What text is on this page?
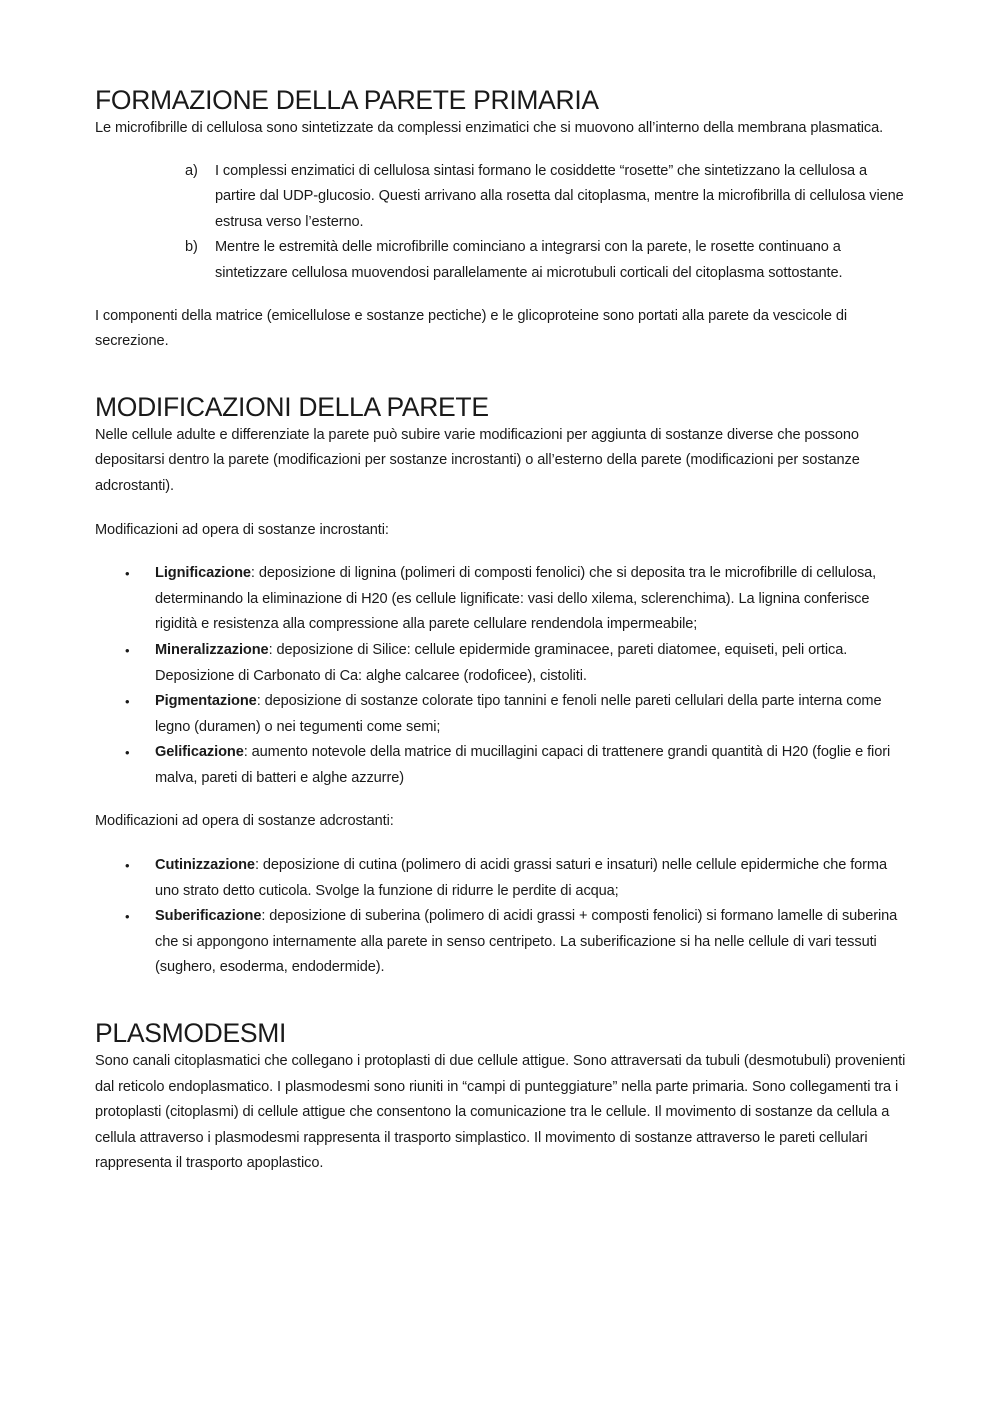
FORMAZIONE DELLA PARETE PRIMARIA

Le microfibrille di cellulosa sono sintetizzate da complessi enzimatici che si muovono all’interno della membrana plasmatica.

a) I complessi enzimatici di cellulosa sintasi formano le cosiddette “rosette” che sintetizzano la cellulosa a partire dal UDP-glucosio. Questi arrivano alla rosetta dal citoplasma, mentre la microfibrilla di cellulosa viene estrusa verso l’esterno.
b) Mentre le estremità delle microfibrille cominciano a integrarsi con la parete, le rosette continuano a sintetizzare cellulosa muovendosi parallelamente ai microtubuli corticali del citoplasma sottostante.

I componenti della matrice (emicellulose e sostanze pectiche) e le glicoproteine sono portati alla parete da vescicole di secrezione.

MODIFICAZIONI DELLA PARETE

Nelle cellule adulte e differenziate la parete può subire varie modificazioni per aggiunta di sostanze diverse che possono depositarsi dentro la parete (modificazioni per sostanze incrostanti) o all’esterno della parete (modificazioni per sostanze adcrostanti).

Modificazioni ad opera di sostanze incrostanti:

• Lignificazione: deposizione di lignina (polimeri di composti fenolici) che si deposita tra le microfibrille di cellulosa, determinando la eliminazione di H20 (es cellule lignificate: vasi dello xilema, sclerenchima). La lignina conferisce rigidità e resistenza alla compressione alla parete cellulare rendendola impermeabile;
• Mineralizzazione: deposizione di Silice: cellule epidermide graminacee, pareti diatomee, equiseti, peli ortica. Deposizione di Carbonato di Ca: alghe calcaree (rodoficee), cistoliti.
• Pigmentazione: deposizione di sostanze colorate tipo tannini e fenoli nelle pareti cellulari della parte interna come legno (duramen) o nei tegumenti come semi;
• Gelificazione: aumento notevole della matrice di mucillagini capaci di trattenere grandi quantità di H20 (foglie e fiori malva, pareti di batteri e alghe azzurre)

Modificazioni ad opera di sostanze adcrostanti:

• Cutinizzazione: deposizione di cutina (polimero di acidi grassi saturi e insaturi) nelle cellule epidermiche che forma uno strato detto cuticola. Svolge la funzione di ridurre le perdite di acqua;
• Suberificazione: deposizione di suberina (polimero di acidi grassi + composti fenolici) si formano lamelle di suberina che si appongono internamente alla parete in senso centripeto. La suberificazione si ha nelle cellule di vari tessuti (sughero, esoderma, endodermide).
PLASMODESMI

Sono canali citoplasmatici che collegano i protoplasti di due cellule attigue. Sono attraversati da tubuli (desmotubuli) provenienti dal reticolo endoplasmatico. I plasmodesmi sono riuniti in “campi di punteggiature” nella parte primaria. Sono collegamenti tra i protoplasti (citoplasmi) di cellule attigue che consentono la comunicazione tra le cellule. Il movimento di sostanze da cellula a cellula attraverso i plasmodesmi rappresenta il trasporto simplastico. Il movimento di sostanze attraverso le pareti cellulari rappresenta il trasporto apoplastico.
